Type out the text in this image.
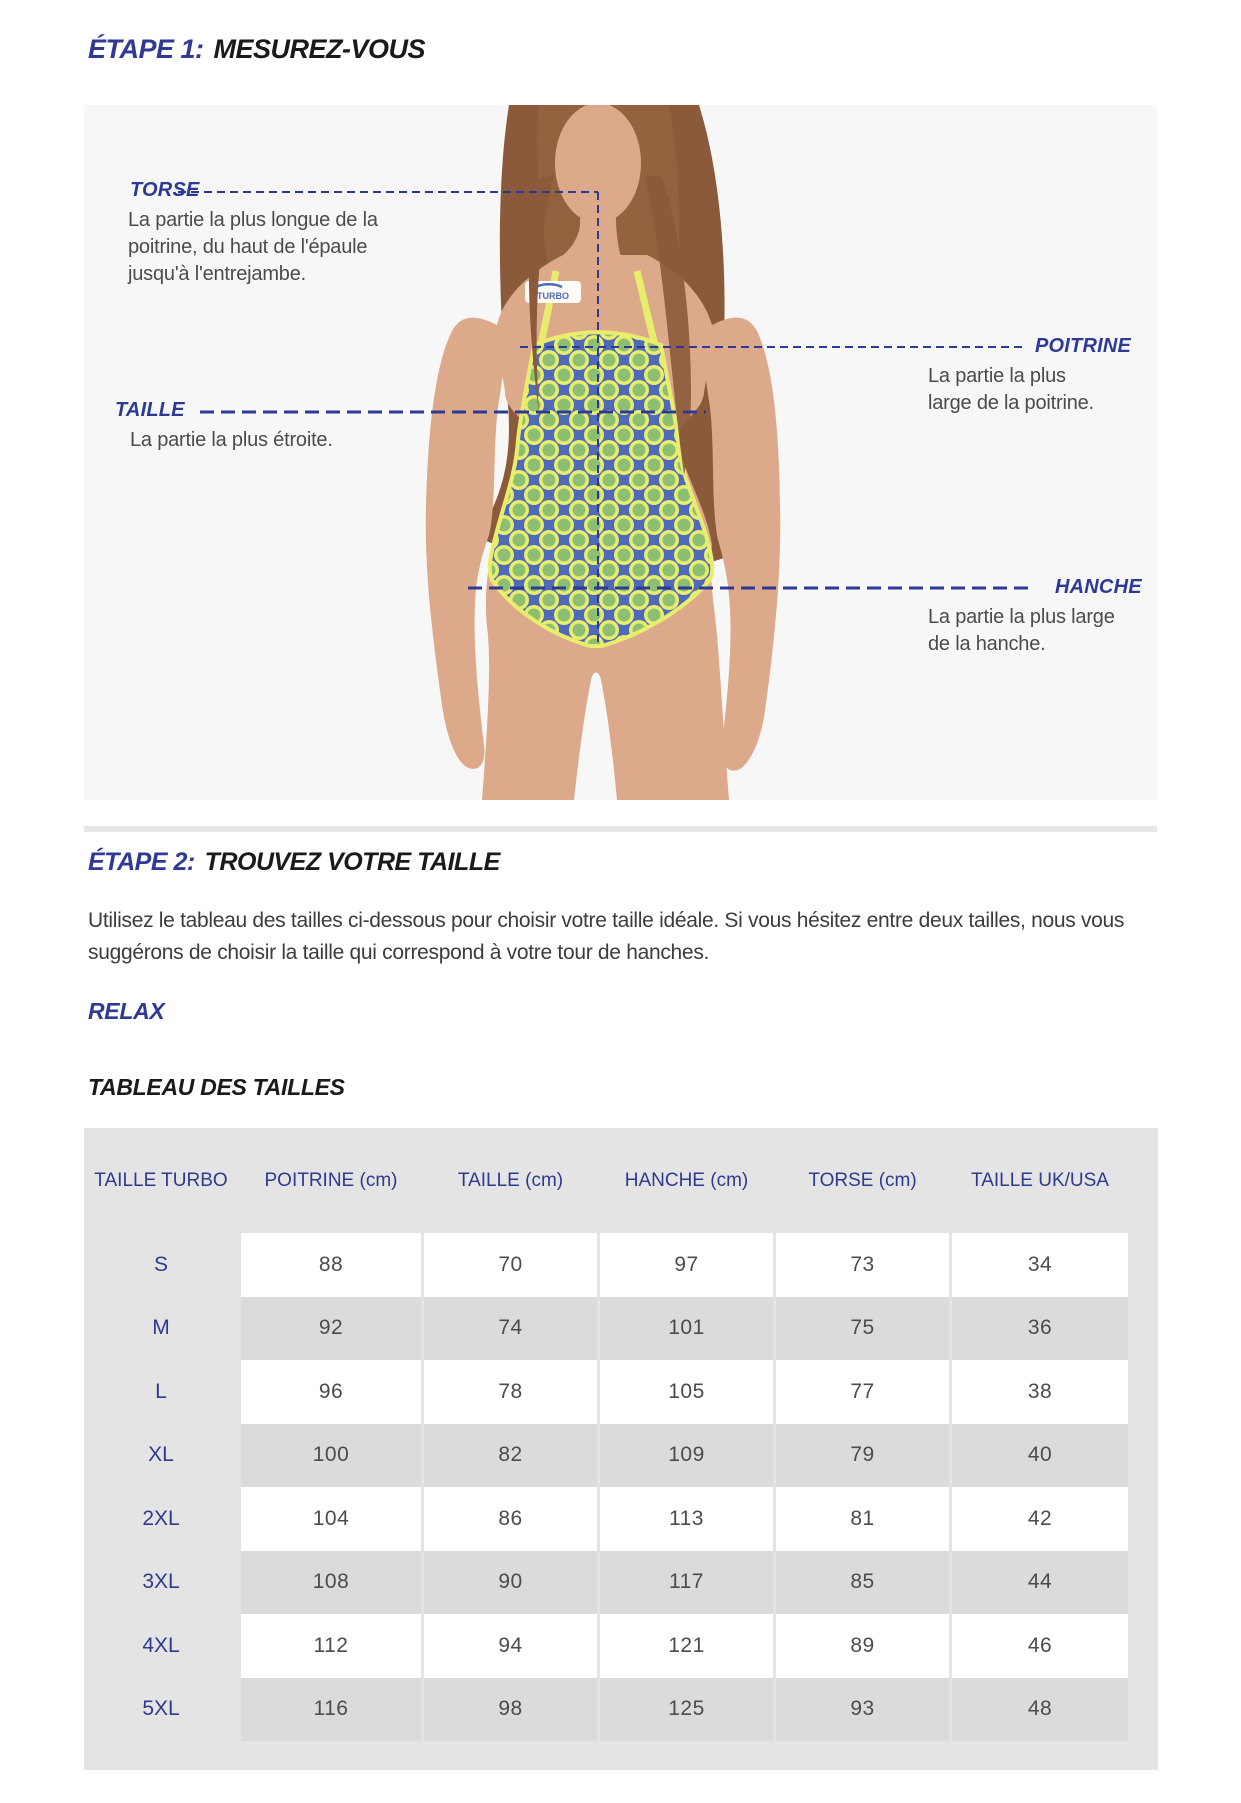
ÉTAPE 1: MESUREZ-VOUS
TURBO
TORSE
La partie la plus longue de la poitrine, du haut de l'épaule jusqu'à l'entrejambe.
POITRINE
La partie la plus large de la poitrine.
TAILLE
La partie la plus étroite.
HANCHE
La partie la plus large de la hanche.
ÉTAPE 2: TROUVEZ VOTRE TAILLE
Utilisez le tableau des tailles ci-dessous pour choisir votre taille idéale. Si vous hésitez entre deux tailles, nous vous suggérons de choisir la taille qui correspond à votre tour de hanches.
RELAX
TABLEAU DES TAILLES
TAILLE TURBO	POITRINE (cm)	TAILLE (cm)	HANCHE (cm)	TORSE (cm)	TAILLE UK/USA
S	88	70	97	73	34
M	92	74	101	75	36
L	96	78	105	77	38
XL	100	82	109	79	40
2XL	104	86	113	81	42
3XL	108	90	117	85	44
4XL	112	94	121	89	46
5XL	116	98	125	93	48
